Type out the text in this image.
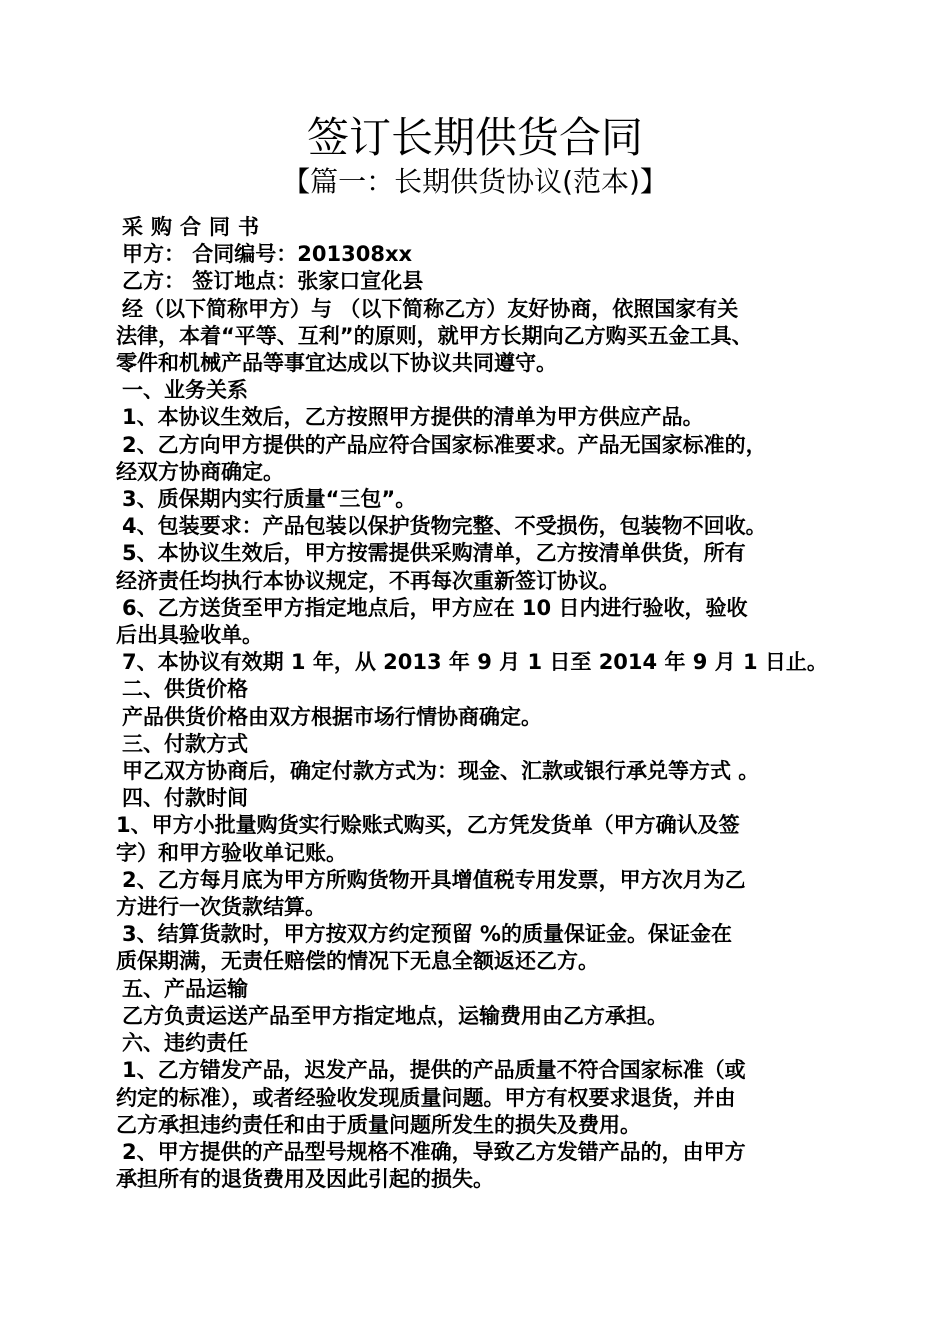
签订长期供货合同
【篇一：长期供货协议(范本)】

采购合同书

甲方： 合同编号：201308xx

乙方： 签订地点：张家口宣化县

经（以下简称甲方）与 （以下简称乙方）友好协商，依照国家有关

法律，本着“平等、互利”的原则，就甲方长期向乙方购买五金工具、

零件和机械产品等事宜达成以下协议共同遵守。

一、业务关系

1、本协议生效后，乙方按照甲方提供的清单为甲方供应产品。

2、乙方向甲方提供的产品应符合国家标准要求。产品无国家标准的，

经双方协商确定。

3、质保期内实行质量“三包”。

4、包装要求：产品包装以保护货物完整、不受损伤，包装物不回收。

5、本协议生效后，甲方按需提供采购清单，乙方按清单供货，所有

经济责任均执行本协议规定，不再每次重新签订协议。

6、乙方送货至甲方指定地点后，甲方应在 10 日内进行验收，验收

后出具验收单。

7、本协议有效期 1 年，从 2013 年 9 月 1 日至 2014 年 9 月 1 日止。

二、供货价格

产品供货价格由双方根据市场行情协商确定。

三、付款方式

甲乙双方协商后，确定付款方式为：现金、汇款或银行承兑等方式 。

四、付款时间

1、甲方小批量购货实行赊账式购买，乙方凭发货单（甲方确认及签

字）和甲方验收单记账。

2、乙方每月底为甲方所购货物开具增值税专用发票，甲方次月为乙

方进行一次货款结算。

3、结算货款时，甲方按双方约定预留 %的质量保证金。保证金在

质保期满，无责任赔偿的情况下无息全额返还乙方。

五、产品运输

乙方负责运送产品至甲方指定地点，运输费用由乙方承担。

六、违约责任

1、乙方错发产品，迟发产品，提供的产品质量不符合国家标准（或

约定的标准），或者经验收发现质量问题。甲方有权要求退货，并由

乙方承担违约责任和由于质量问题所发生的损失及费用。

2、甲方提供的产品型号规格不准确，导致乙方发错产品的，由甲方

承担所有的退货费用及因此引起的损失。
